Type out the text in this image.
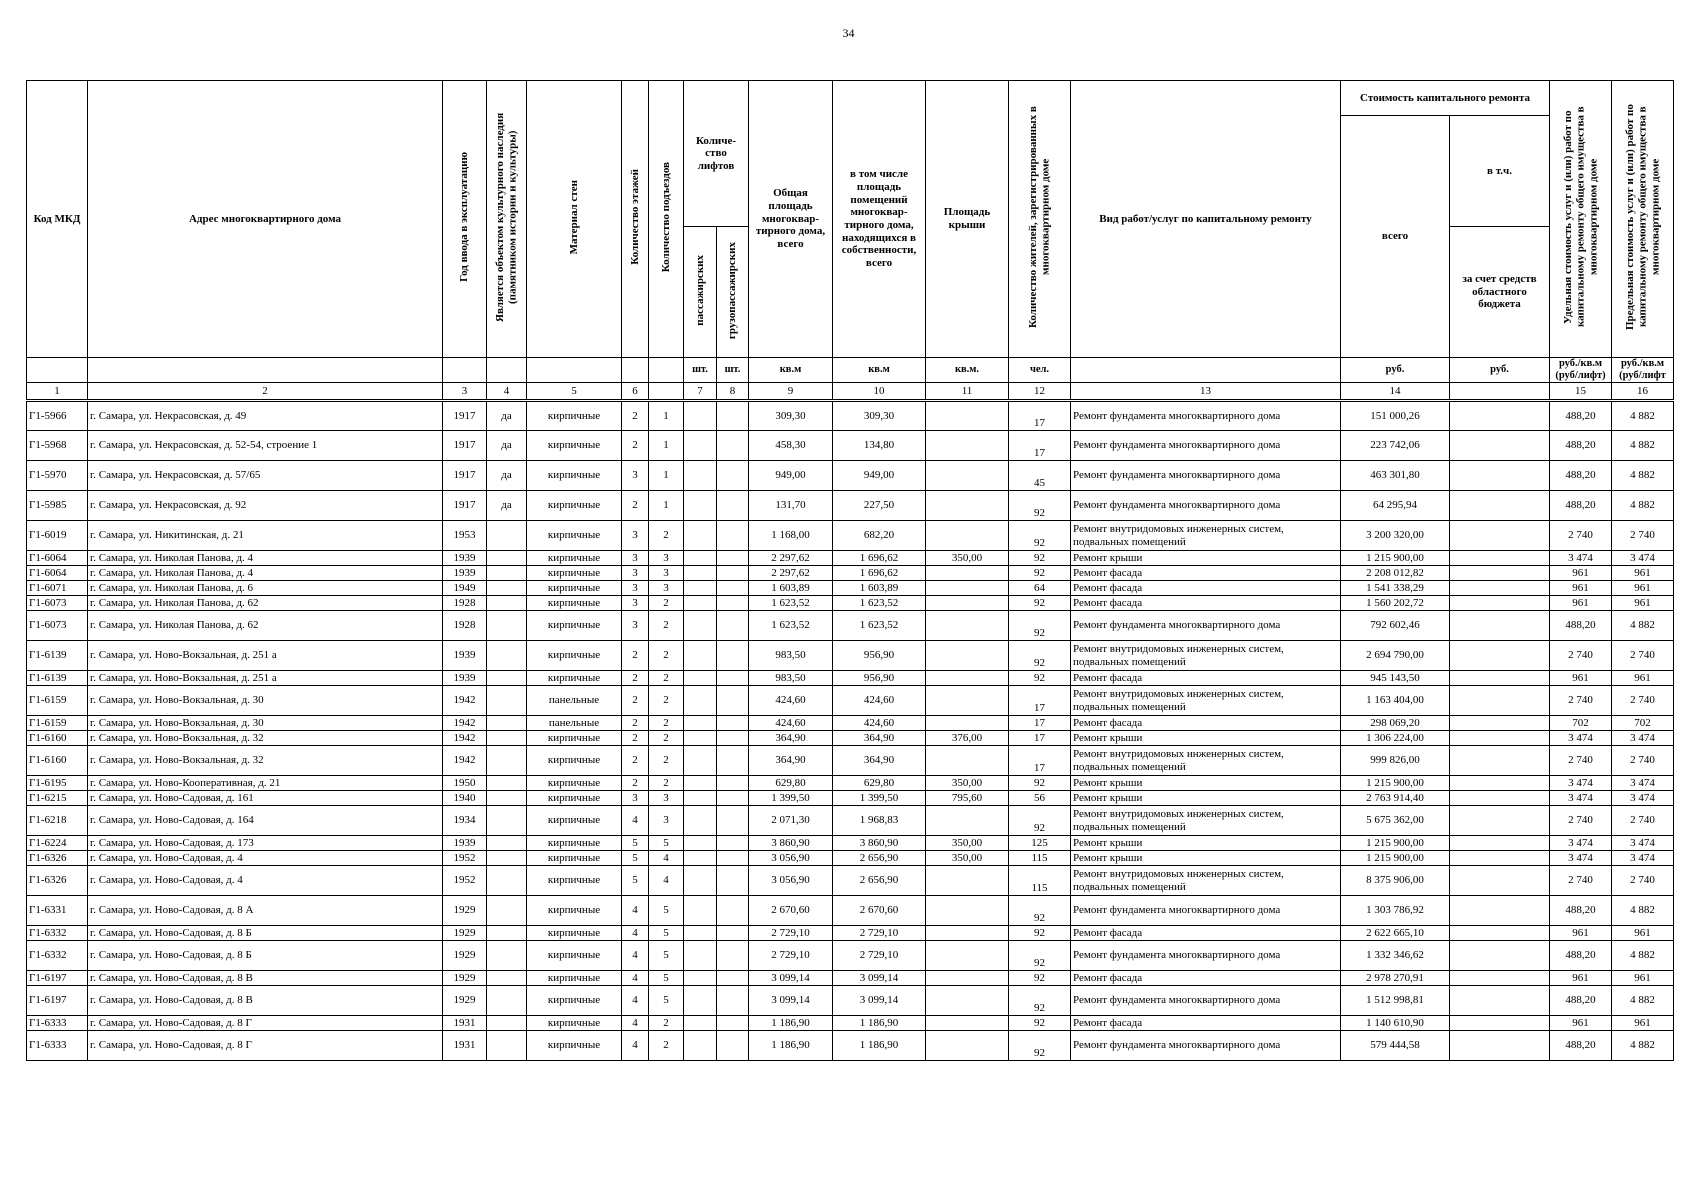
34
Код МКД	Адрес многоквартирного дома	Год ввода в эксплуатацию	Является объектом культурного наследия (памятником истории и культуры)	Материал стен	Количество этажей	Количество подъездов	Количе- ство лифтов		Общая площадь многоквар- тирного дома, всего	в том числе площадь помещений многоквар- тирного дома, находящихся в собственности, всего	Площадь крыши	Количество жителей, зарегистрированных в многоквартирном доме	Вид работ/услуг по капитальному ремонту	Стоимость капитального ремонта		Удельная стоимость услуг и (или) работ по капитальному ремонту общего имущества в многоквартирном доме	Предельная стоимость услуг и (или) работ по капитальному ремонту общего имущества в многоквартирном доме
														всего	в т.ч.		
							пассажирских	грузопассажирских							за счет средств областного бюджета		
							шт.	шт.	кв.м	кв.м	кв.м.	чел.		руб.	руб.	руб./кв.м (руб/лифт)	руб./кв.м (руб/лифт
1	2	3	4	5	6		7	8	9	10	11	12	13	14		15	16
Г1-5966	г. Самара, ул. Некрасовская, д. 49	1917	да	кирпичные	2	1			309,30	309,30		17	Ремонт фундамента многоквартирного дома	151 000,26		488,20	4 882
Г1-5968	г. Самара, ул. Некрасовская, д. 52-54, строение 1	1917	да	кирпичные	2	1			458,30	134,80		17	Ремонт фундамента многоквартирного дома	223 742,06		488,20	4 882
Г1-5970	г. Самара, ул. Некрасовская, д. 57/65	1917	да	кирпичные	3	1			949,00	949,00		45	Ремонт фундамента многоквартирного дома	463 301,80		488,20	4 882
Г1-5985	г. Самара, ул. Некрасовская, д. 92	1917	да	кирпичные	2	1			131,70	227,50		92	Ремонт фундамента многоквартирного дома	64 295,94		488,20	4 882
Г1-6019	г. Самара, ул. Никитинская, д. 21	1953		кирпичные	3	2			1 168,00	682,20		92	Ремонт внутридомовых инженерных систем, подвальных помещений	3 200 320,00		2 740	2 740
Г1-6064	г. Самара, ул. Николая Панова, д. 4	1939		кирпичные	3	3			2 297,62	1 696,62	350,00	92	Ремонт крыши	1 215 900,00		3 474	3 474
Г1-6064	г. Самара, ул. Николая Панова, д. 4	1939		кирпичные	3	3			2 297,62	1 696,62		92	Ремонт фасада	2 208 012,82		961	961
Г1-6071	г. Самара, ул. Николая Панова, д. 6	1949		кирпичные	3	3			1 603,89	1 603,89		64	Ремонт фасада	1 541 338,29		961	961
Г1-6073	г. Самара, ул. Николая Панова, д. 62	1928		кирпичные	3	2			1 623,52	1 623,52		92	Ремонт фасада	1 560 202,72		961	961
Г1-6073	г. Самара, ул. Николая Панова, д. 62	1928		кирпичные	3	2			1 623,52	1 623,52		92	Ремонт фундамента многоквартирного дома	792 602,46		488,20	4 882
Г1-6139	г. Самара, ул. Ново-Вокзальная, д. 251 а	1939		кирпичные	2	2			983,50	956,90		92	Ремонт внутридомовых инженерных систем, подвальных помещений	2 694 790,00		2 740	2 740
Г1-6139	г. Самара, ул. Ново-Вокзальная, д. 251 а	1939		кирпичные	2	2			983,50	956,90		92	Ремонт фасада	945 143,50		961	961
Г1-6159	г. Самара, ул. Ново-Вокзальная, д. 30	1942		панельные	2	2			424,60	424,60		17	Ремонт внутридомовых инженерных систем, подвальных помещений	1 163 404,00		2 740	2 740
Г1-6159	г. Самара, ул. Ново-Вокзальная, д. 30	1942		панельные	2	2			424,60	424,60		17	Ремонт фасада	298 069,20		702	702
Г1-6160	г. Самара, ул. Ново-Вокзальная, д. 32	1942		кирпичные	2	2			364,90	364,90	376,00	17	Ремонт крыши	1 306 224,00		3 474	3 474
Г1-6160	г. Самара, ул. Ново-Вокзальная, д. 32	1942		кирпичные	2	2			364,90	364,90		17	Ремонт внутридомовых инженерных систем, подвальных помещений	999 826,00		2 740	2 740
Г1-6195	г. Самара, ул. Ново-Кооперативная, д. 21	1950		кирпичные	2	2			629,80	629,80	350,00	92	Ремонт крыши	1 215 900,00		3 474	3 474
Г1-6215	г. Самара, ул. Ново-Садовая, д. 161	1940		кирпичные	3	3			1 399,50	1 399,50	795,60	56	Ремонт крыши	2 763 914,40		3 474	3 474
Г1-6218	г. Самара, ул. Ново-Садовая, д. 164	1934		кирпичные	4	3			2 071,30	1 968,83		92	Ремонт внутридомовых инженерных систем, подвальных помещений	5 675 362,00		2 740	2 740
Г1-6224	г. Самара, ул. Ново-Садовая, д. 173	1939		кирпичные	5	5			3 860,90	3 860,90	350,00	125	Ремонт крыши	1 215 900,00		3 474	3 474
Г1-6326	г. Самара, ул. Ново-Садовая, д. 4	1952		кирпичные	5	4			3 056,90	2 656,90	350,00	115	Ремонт крыши	1 215 900,00		3 474	3 474
Г1-6326	г. Самара, ул. Ново-Садовая, д. 4	1952		кирпичные	5	4			3 056,90	2 656,90		115	Ремонт внутридомовых инженерных систем, подвальных помещений	8 375 906,00		2 740	2 740
Г1-6331	г. Самара, ул. Ново-Садовая, д. 8 А	1929		кирпичные	4	5			2 670,60	2 670,60		92	Ремонт фундамента многоквартирного дома	1 303 786,92		488,20	4 882
Г1-6332	г. Самара, ул. Ново-Садовая, д. 8 Б	1929		кирпичные	4	5			2 729,10	2 729,10		92	Ремонт фасада	2 622 665,10		961	961
Г1-6332	г. Самара, ул. Ново-Садовая, д. 8 Б	1929		кирпичные	4	5			2 729,10	2 729,10		92	Ремонт фундамента многоквартирного дома	1 332 346,62		488,20	4 882
Г1-6197	г. Самара, ул. Ново-Садовая, д. 8 В	1929		кирпичные	4	5			3 099,14	3 099,14		92	Ремонт фасада	2 978 270,91		961	961
Г1-6197	г. Самара, ул. Ново-Садовая, д. 8 В	1929		кирпичные	4	5			3 099,14	3 099,14		92	Ремонт фундамента многоквартирного дома	1 512 998,81		488,20	4 882
Г1-6333	г. Самара, ул. Ново-Садовая, д. 8 Г	1931		кирпичные	4	2			1 186,90	1 186,90		92	Ремонт фасада	1 140 610,90		961	961
Г1-6333	г. Самара, ул. Ново-Садовая, д. 8 Г	1931		кирпичные	4	2			1 186,90	1 186,90		92	Ремонт фундамента многоквартирного дома	579 444,58		488,20	4 882
